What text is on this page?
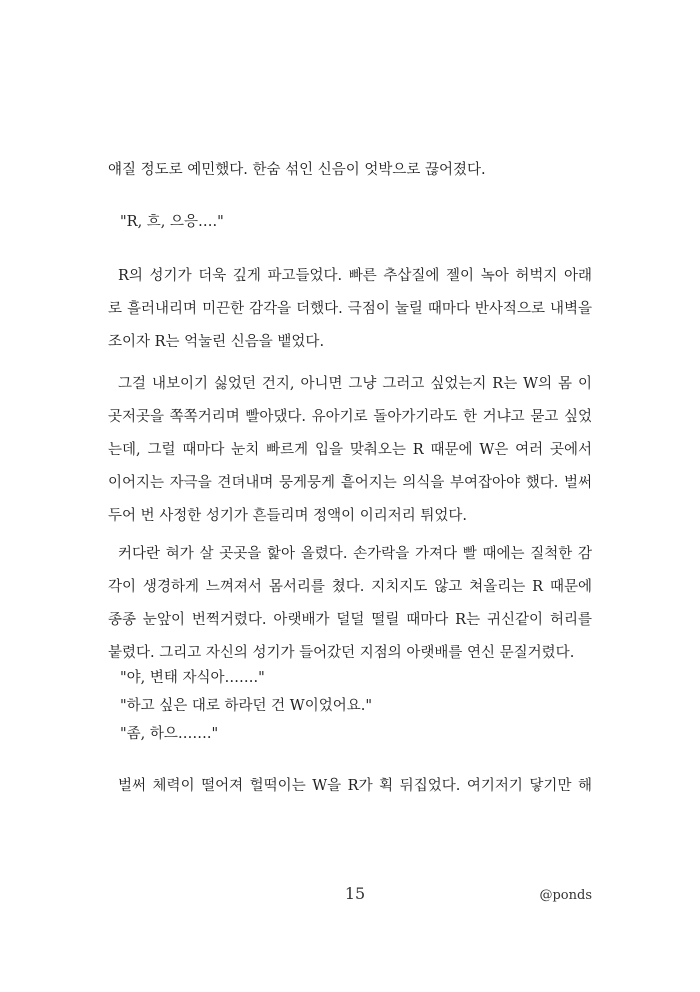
얘질 정도로 예민했다. 한숨 섞인 신음이 엇박으로 끊어졌다.
"R, 흐, 으응…."
R의 성기가 더욱 깊게 파고들었다. 빠른 추삽질에 젤이 녹아 허벅지 아래
로 흘러내리며 미끈한 감각을 더했다. 극점이 눌릴 때마다 반사적으로 내벽을
조이자 R는 억눌린 신음을 뱉었다.
그걸 내보이기 싫었던 건지, 아니면 그냥 그러고 싶었는지 R는 W의 몸 이
곳저곳을 쪽쪽거리며 빨아댔다. 유아기로 돌아가기라도 한 거냐고 묻고 싶었
는데, 그럴 때마다 눈치 빠르게 입을 맞춰오는 R 때문에 W은 여러 곳에서
이어지는 자극을 견뎌내며 뭉게뭉게 흩어지는 의식을 부여잡아야 했다. 벌써
두어 번 사정한 성기가 흔들리며 정액이 이리저리 튀었다.
커다란 혀가 살 곳곳을 핥아 올렸다. 손가락을 가져다 빨 때에는 질척한 감
각이 생경하게 느껴져서 몸서리를 쳤다. 지치지도 않고 쳐올리는 R 때문에
종종 눈앞이 번쩍거렸다. 아랫배가 덜덜 떨릴 때마다 R는 귀신같이 허리를
붙렸다. 그리고 자신의 성기가 들어갔던 지점의 아랫배를 연신 문질거렸다.
"야, 변태 자식아……."
"하고 싶은 대로 하라던 건 W이었어요."
"좀, 하으……."
벌써 체력이 떨어져 헐떡이는 W을 R가 획 뒤집었다. 여기저기 닿기만 해
15	@ponds
